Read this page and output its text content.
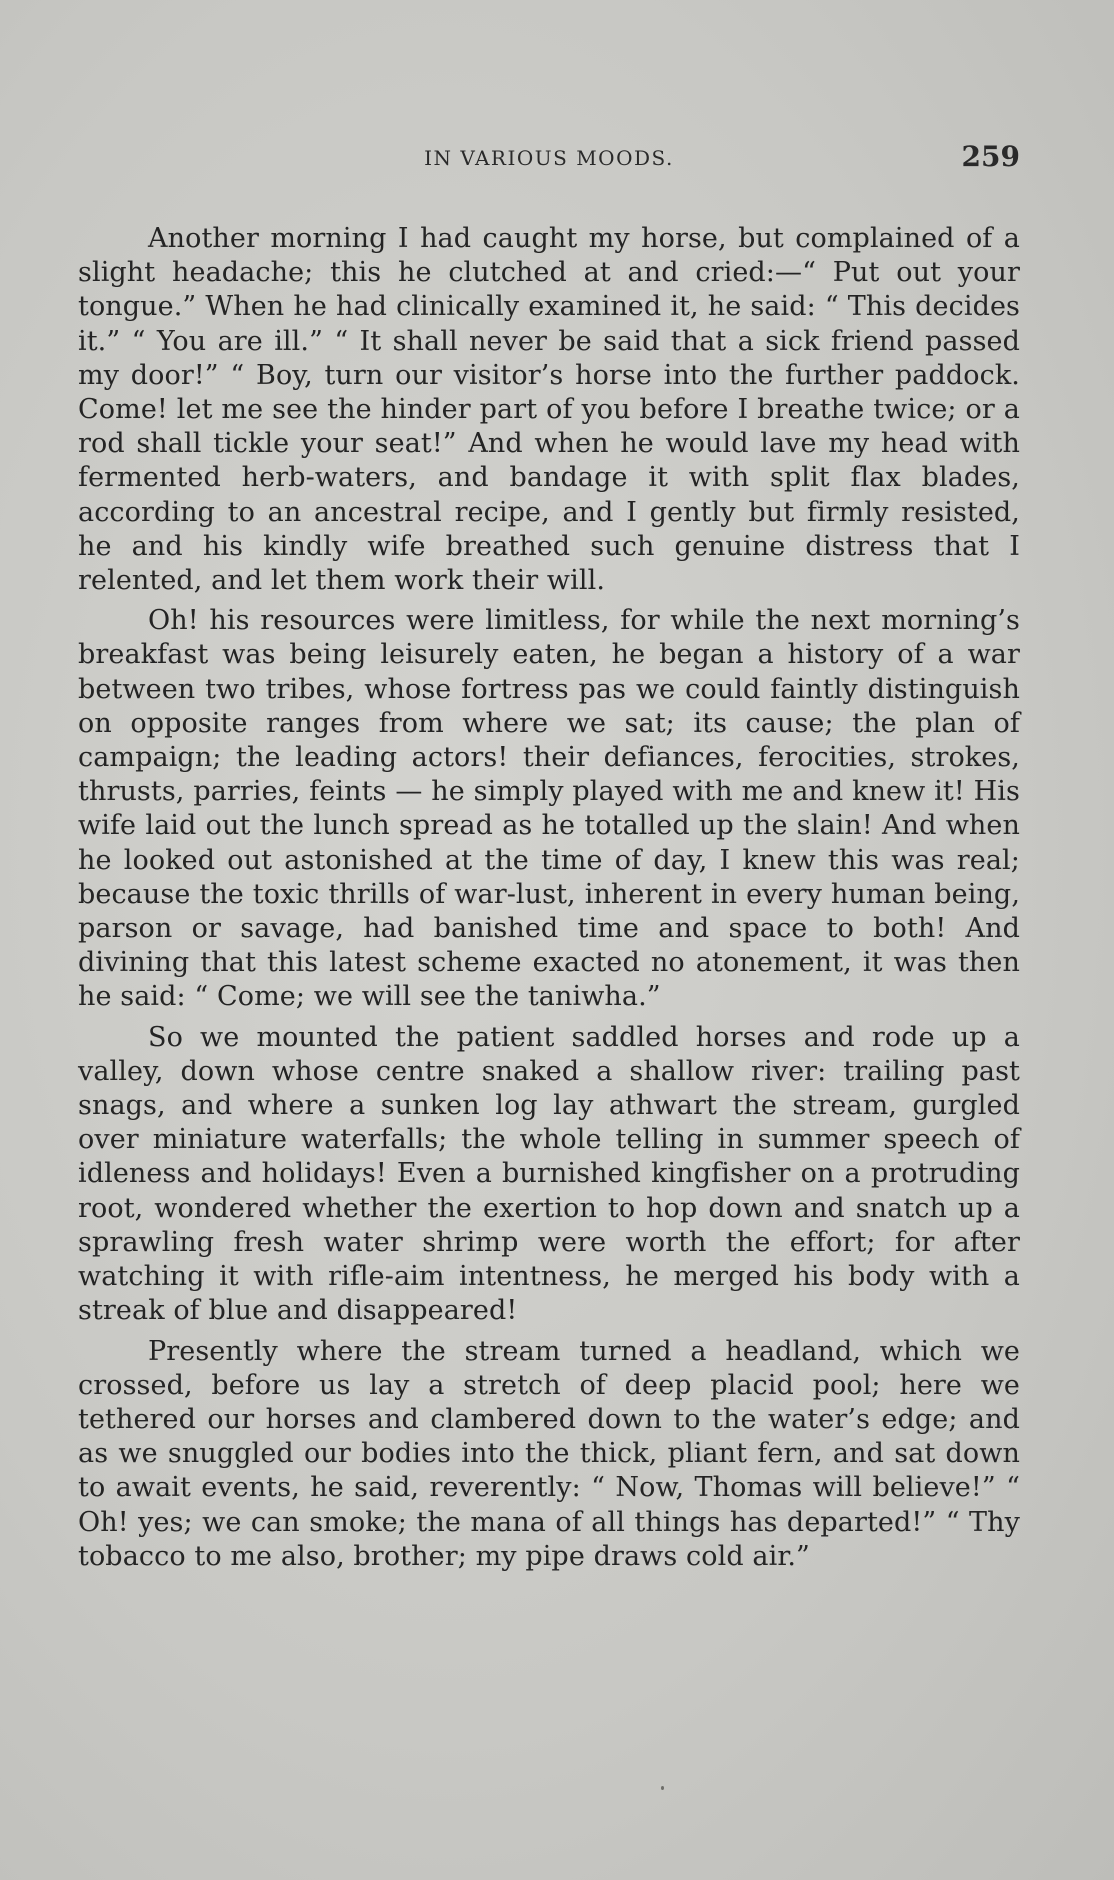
IN VARIOUS MOODS.	259

Another morning I had caught my horse, but complained of a slight headache; this he clutched at and cried:—“ Put out your tongue.” When he had clinically examined it, he said: “ This decides it.” “ You are ill.” “ It shall never be said that a sick friend passed my door!” “ Boy, turn our visitor’s horse into the further paddock. Come! let me see the hinder part of you before I breathe twice; or a rod shall tickle your seat!” And when he would lave my head with fermented herb-waters, and bandage it with split flax blades, according to an ancestral recipe, and I gently but firmly resisted, he and his kindly wife breathed such genuine distress that I relented, and let them work their will.

Oh! his resources were limitless, for while the next morning’s breakfast was being leisurely eaten, he began a history of a war between two tribes, whose fortress pas we could faintly distinguish on opposite ranges from where we sat; its cause; the plan of campaign; the leading actors! their defiances, ferocities, strokes, thrusts, parries, feints — he simply played with me and knew it! His wife laid out the lunch spread as he totalled up the slain! And when he looked out astonished at the time of day, I knew this was real; because the toxic thrills of war-lust, inherent in every human being, parson or savage, had banished time and space to both! And divining that this latest scheme exacted no atonement, it was then he said: “ Come; we will see the taniwha.”

So we mounted the patient saddled horses and rode up a valley, down whose centre snaked a shallow river: trailing past snags, and where a sunken log lay athwart the stream, gurgled over miniature waterfalls; the whole telling in summer speech of idleness and holidays! Even a burnished kingfisher on a protruding root, wondered whether the exertion to hop down and snatch up a sprawling fresh water shrimp were worth the effort; for after watching it with rifle-aim intentness, he merged his body with a streak of blue and disappeared!

Presently where the stream turned a headland, which we crossed, before us lay a stretch of deep placid pool; here we tethered our horses and clambered down to the water’s edge; and as we snuggled our bodies into the thick, pliant fern, and sat down to await events, he said, reverently: “ Now, Thomas will believe!” “ Oh! yes; we can smoke; the mana of all things has departed!” “ Thy tobacco to me also, brother; my pipe draws cold air.”
